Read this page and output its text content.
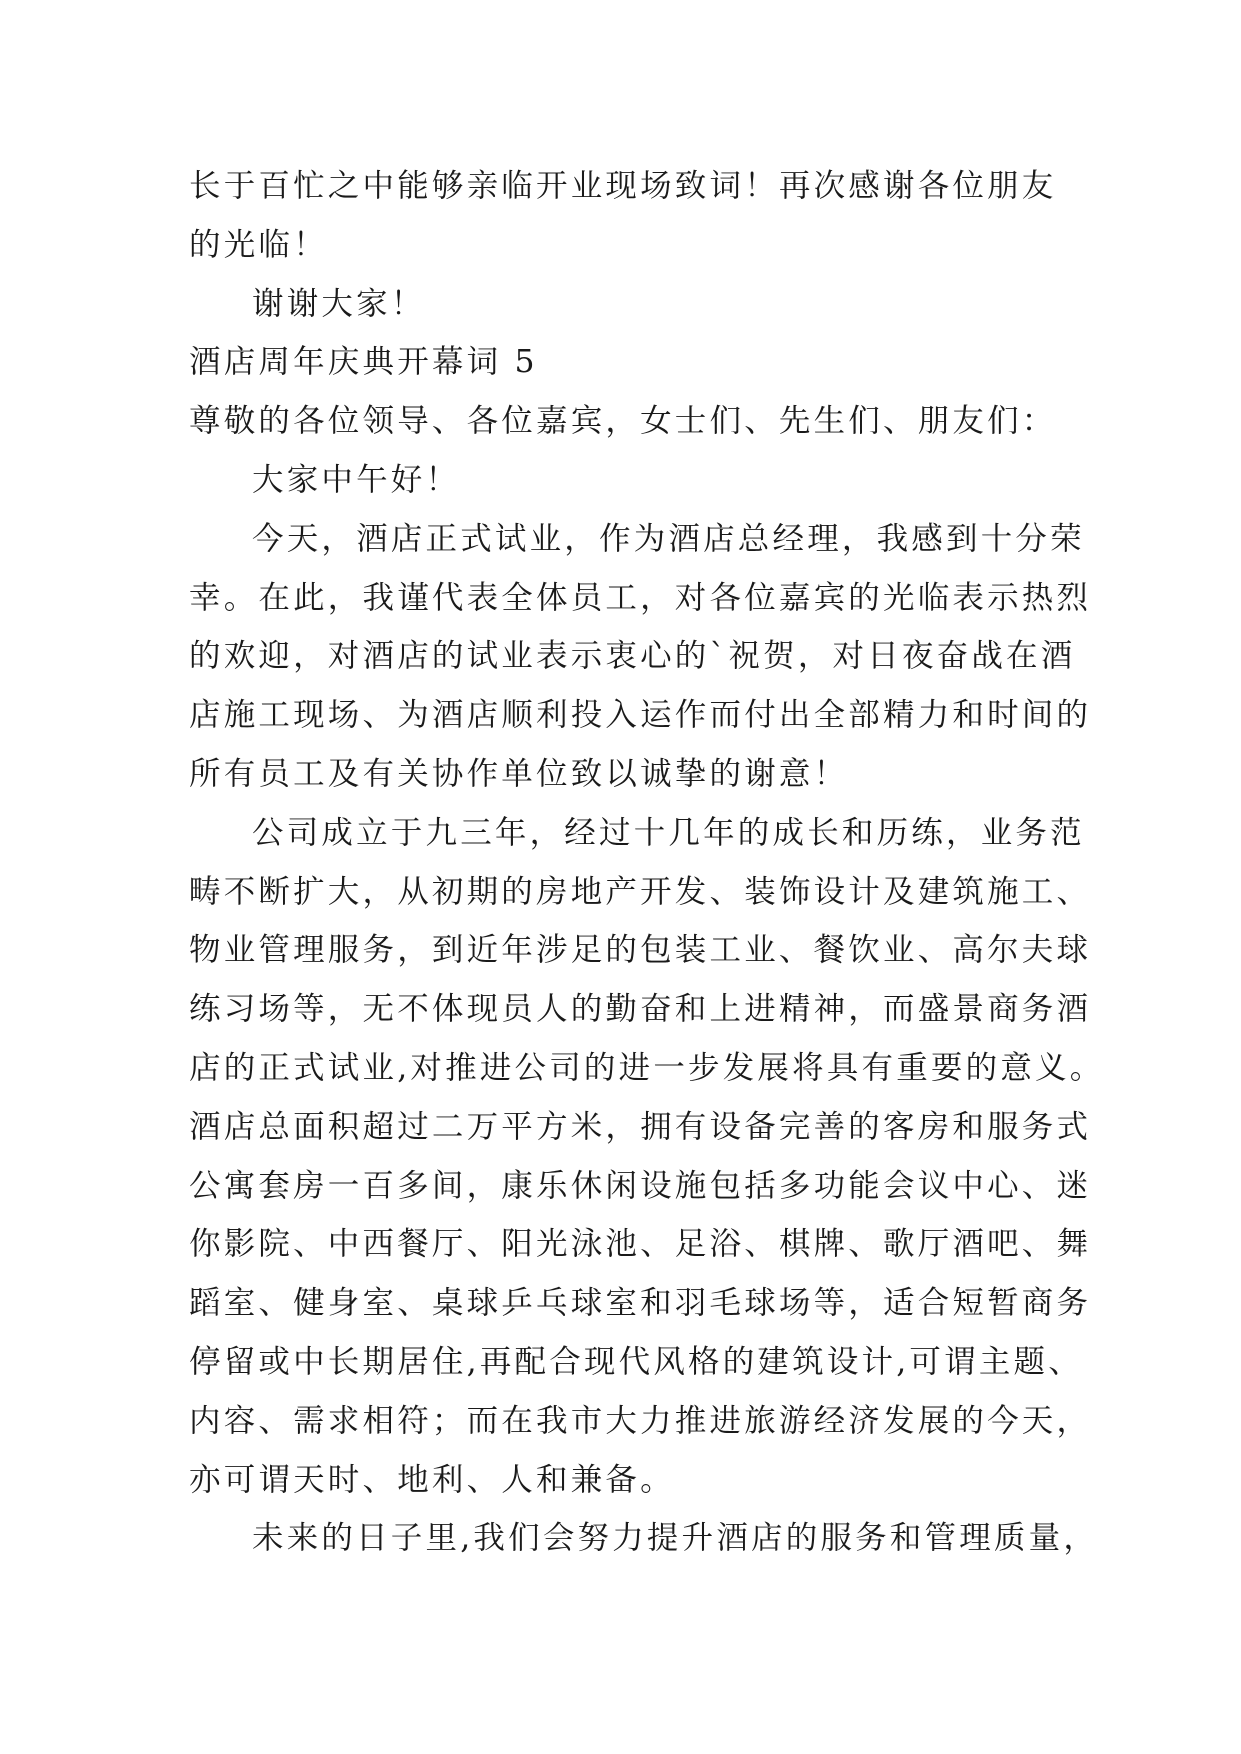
长于百忙之中能够亲临开业现场致词！再次感谢各位朋友
的光临！
谢谢大家！
酒店周年庆典开幕词 5
尊敬的各位领导、各位嘉宾，女士们、先生们、朋友们：
大家中午好！
今天，酒店正式试业，作为酒店总经理，我感到十分荣
幸。在此，我谨代表全体员工，对各位嘉宾的光临表示热烈
的欢迎，对酒店的试业表示衷心的`祝贺，对日夜奋战在酒
店施工现场、为酒店顺利投入运作而付出全部精力和时间的
所有员工及有关协作单位致以诚挚的谢意！
公司成立于九三年，经过十几年的成长和历练，业务范
畴不断扩大，从初期的房地产开发、装饰设计及建筑施工、
物业管理服务，到近年涉足的包装工业、餐饮业、高尔夫球
练习场等，无不体现员人的勤奋和上进精神，而盛景商务酒
店的正式试业,对推进公司的进一步发展将具有重要的意义。
酒店总面积超过二万平方米，拥有设备完善的客房和服务式
公寓套房一百多间，康乐休闲设施包括多功能会议中心、迷
你影院、中西餐厅、阳光泳池、足浴、棋牌、歌厅酒吧、舞
蹈室、健身室、桌球乒乓球室和羽毛球场等，适合短暂商务
停留或中长期居住,再配合现代风格的建筑设计,可谓主题、
内容、需求相符；而在我市大力推进旅游经济发展的今天，
亦可谓天时、地利、人和兼备。
未来的日子里,我们会努力提升酒店的服务和管理质量，
